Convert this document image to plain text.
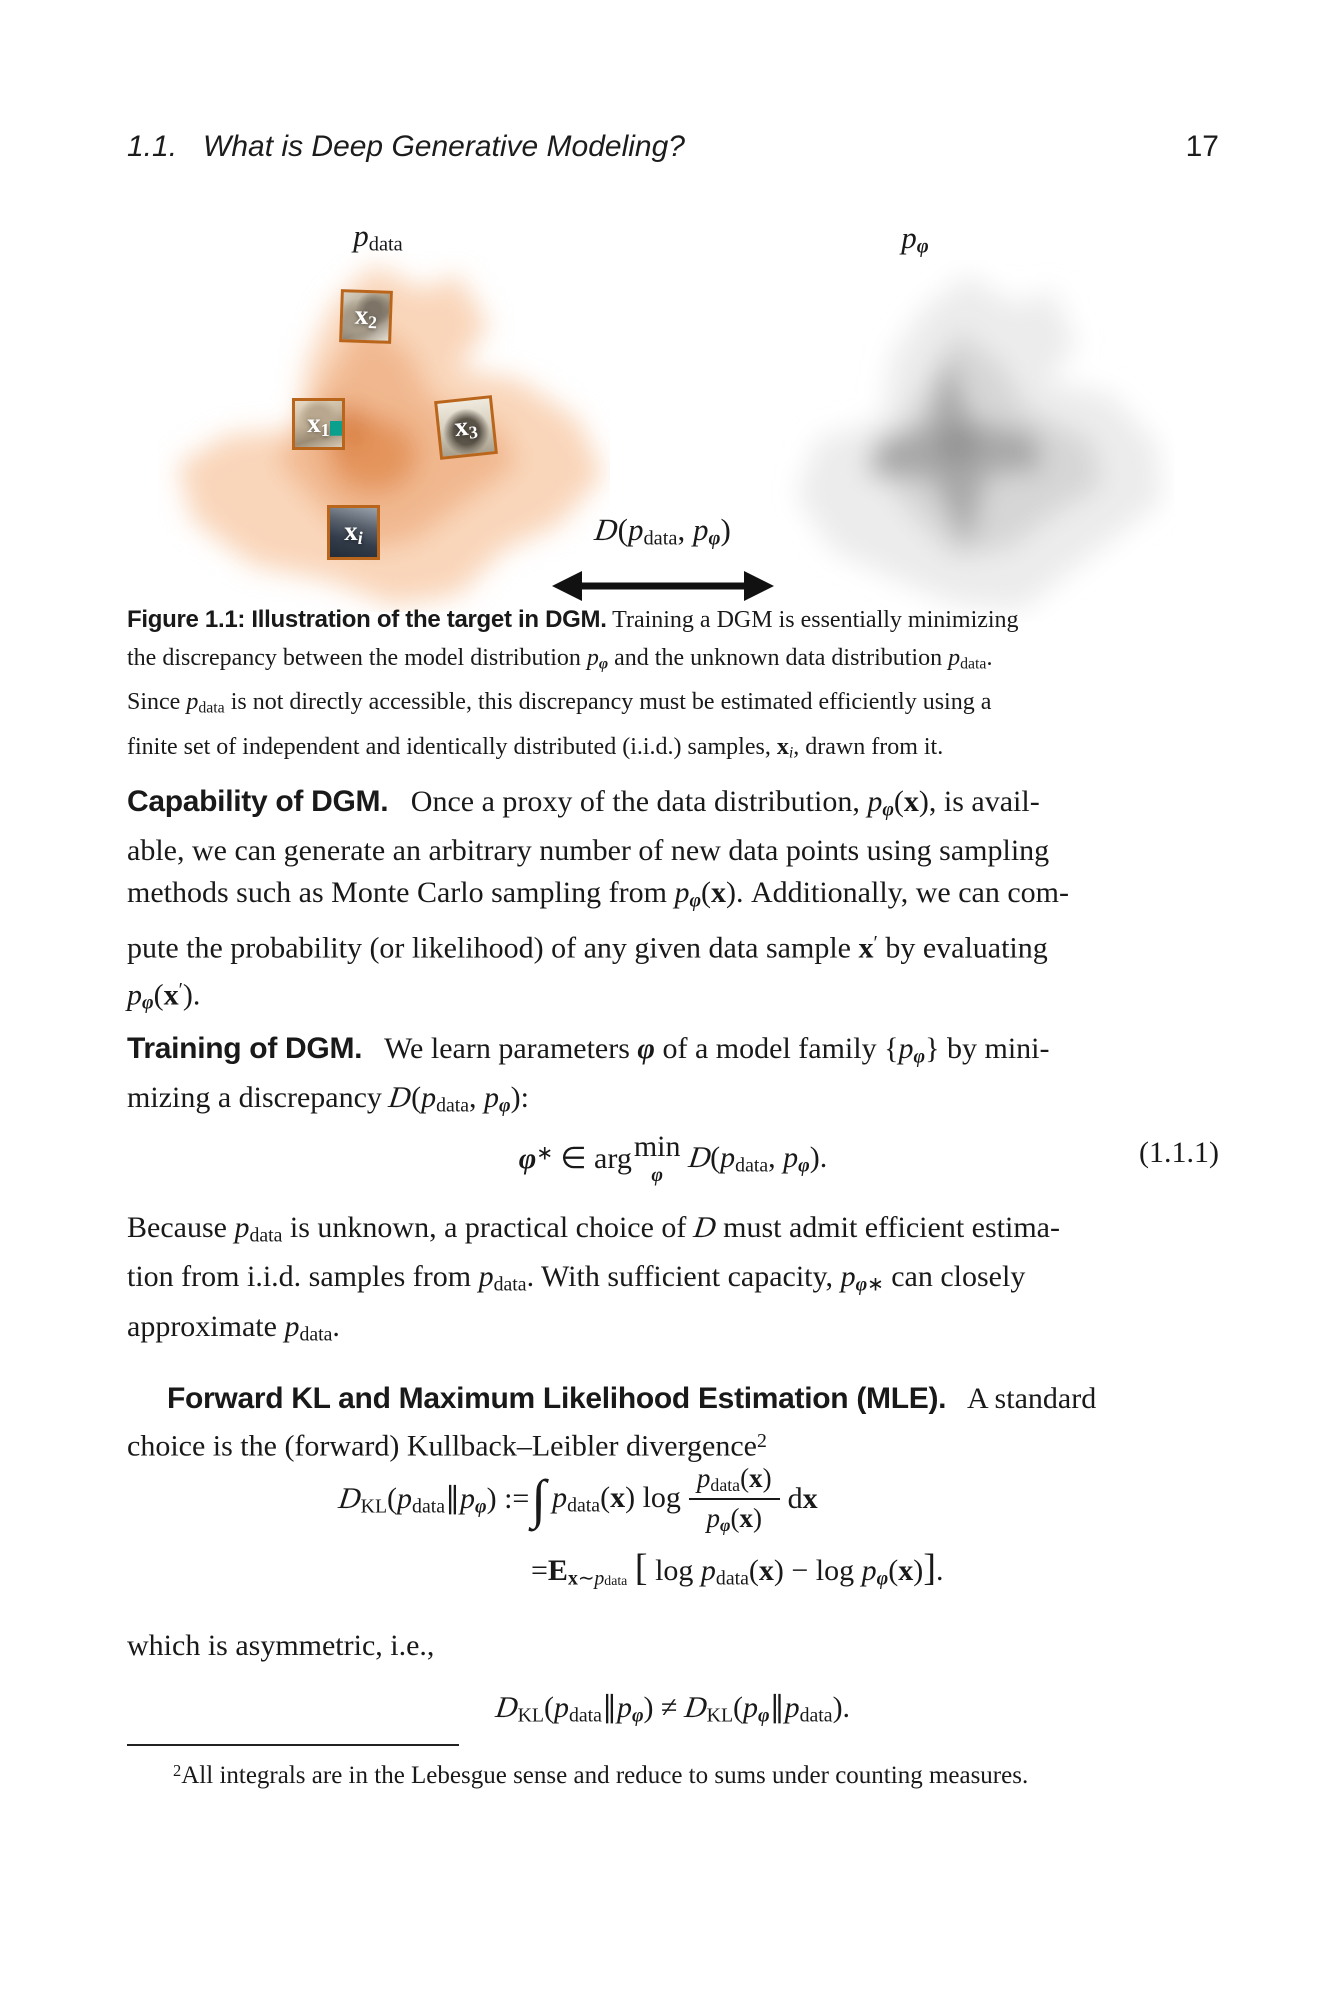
1.1. What is Deep Generative Modeling?	17
pdata	pφ
x2
x1	x3
xi	D(pdata, pφ)
Figure 1.1: Illustration of the target in DGM. Training a DGM is essentially minimizing
the discrepancy between the model distribution pφ and the unknown data distribution pdata.
Since pdata is not directly accessible, this discrepancy must be estimated efficiently using a
finite set of independent and identically distributed (i.i.d.) samples, xi, drawn from it.
Capability of DGM.   Once a proxy of the data distribution, pφ(x), is avail-
able, we can generate an arbitrary number of new data points using sampling
methods such as Monte Carlo sampling from pφ(x). Additionally, we can com-
pute the probability (or likelihood) of any given data sample x′ by evaluating
pφ(x′).
Training of DGM.   We learn parameters φ of a model family {pφ} by mini-
mizing a discrepancy D(pdata, pφ):
φ∗ ∈ arg min
φ
D(pdata, pφ).	(1.1.1)
Because pdata is unknown, a practical choice of D must admit efficient estima-
tion from i.i.d. samples from pdata. With sufficient capacity, pφ∗ can closely
approximate pdata.
Forward KL and Maximum Likelihood Estimation (MLE).   A standard
choice is the (forward) Kullback–Leibler divergence$^2$
DKL(pdata∥pφ) := ∫ pdata(x) $\log \frac{\text{pdata(x)}}{p\varphi(x)}$ dx
=Ex∼pdata [ log pdata(x) − log pφ(x)].
which is asymmetric, i.e.,
DKL(pdata∥pφ) ≠ DKL(pφ∥pdata).
$^2$All integrals are in the Lebesgue sense and reduce to sums under counting measures.
